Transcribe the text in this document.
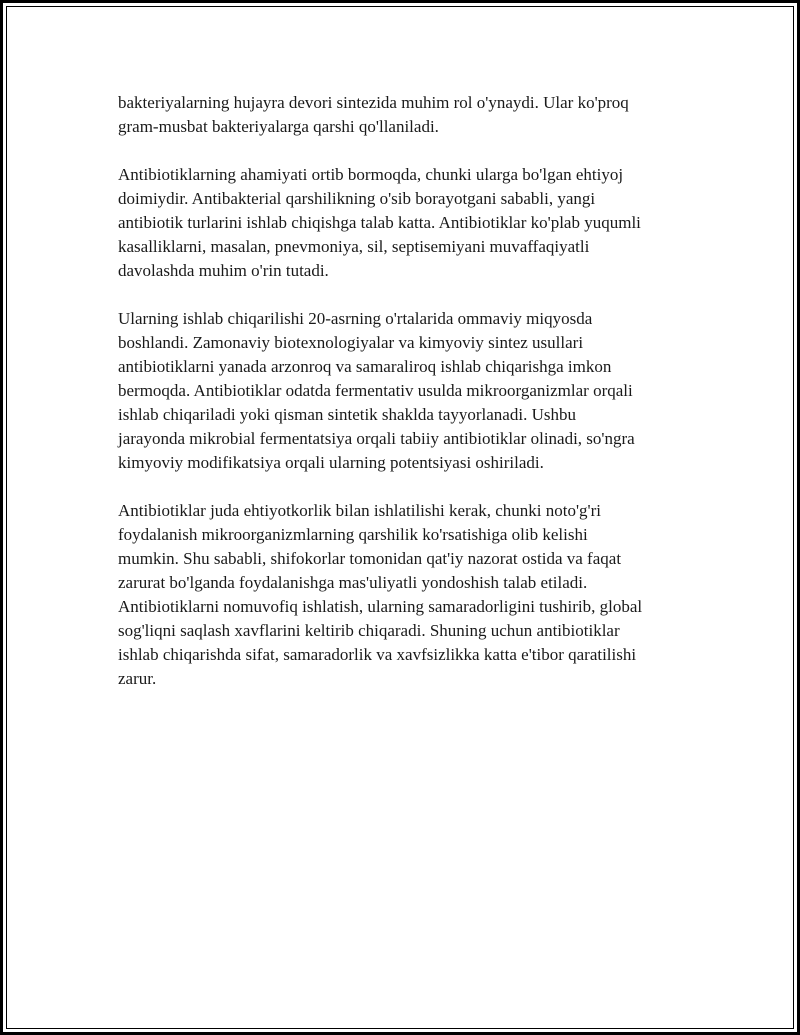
bakteriyalarning hujayra devori sintezida muhim rol o'ynaydi. Ular ko'proq
gram-musbat bakteriyalarga qarshi qo'llaniladi.

Antibiotiklarning ahamiyati ortib bormoqda, chunki ularga bo'lgan ehtiyoj
doimiydir. Antibakterial qarshilikning o'sib borayotgani sababli, yangi
antibiotik turlarini ishlab chiqishga talab katta. Antibiotiklar ko'plab yuqumli
kasalliklarni, masalan, pnevmoniya, sil, septisemiyani muvaffaqiyatli
davolashda muhim o'rin tutadi.

Ularning ishlab chiqarilishi 20-asrning o'rtalarida ommaviy miqyosda
boshlandi. Zamonaviy biotexnologiyalar va kimyoviy sintez usullari
antibiotiklarni yanada arzonroq va samaraliroq ishlab chiqarishga imkon
bermoqda. Antibiotiklar odatda fermentativ usulda mikroorganizmlar orqali
ishlab chiqariladi yoki qisman sintetik shaklda tayyorlanadi. Ushbu
jarayonda mikrobial fermentatsiya orqali tabiiy antibiotiklar olinadi, so'ngra
kimyoviy modifikatsiya orqali ularning potentsiyasi oshiriladi.

Antibiotiklar juda ehtiyotkorlik bilan ishlatilishi kerak, chunki noto'g'ri
foydalanish mikroorganizmlarning qarshilik ko'rsatishiga olib kelishi
mumkin. Shu sababli, shifokorlar tomonidan qat'iy nazorat ostida va faqat
zarurat bo'lganda foydalanishga mas'uliyatli yondoshish talab etiladi.
Antibiotiklarni nomuvofiq ishlatish, ularning samaradorligini tushirib, global
sog'liqni saqlash xavflarini keltirib chiqaradi. Shuning uchun antibiotiklar
ishlab chiqarishda sifat, samaradorlik va xavfsizlikka katta e'tibor qaratilishi
zarur.
